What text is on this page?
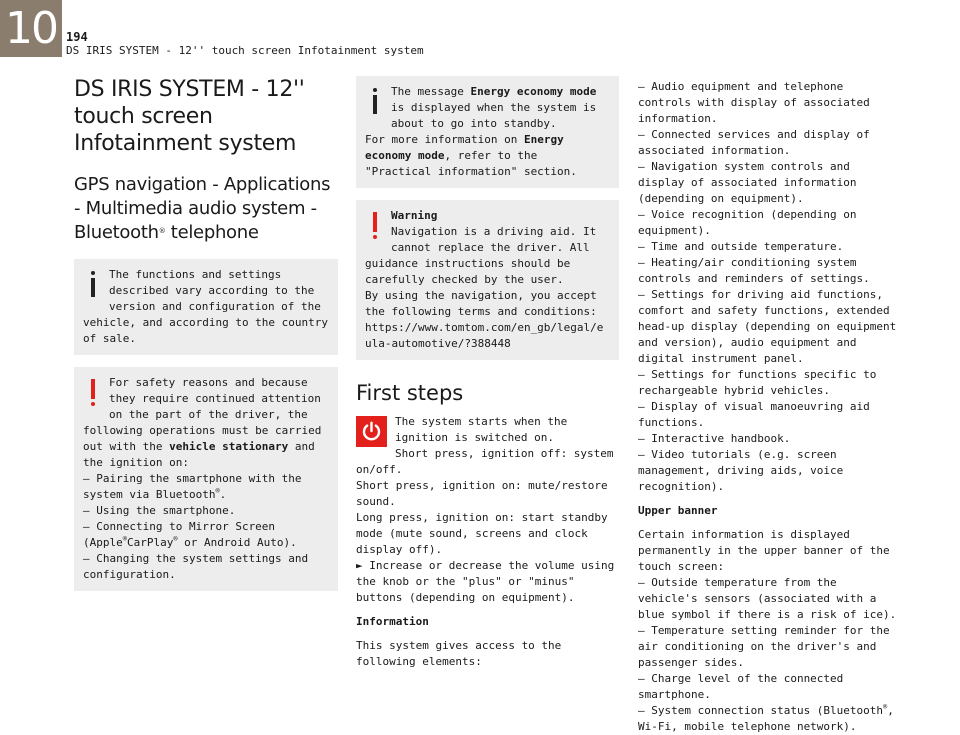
10 194
DS IRIS SYSTEM - 12'' touch screen Infotainment system
DS IRIS SYSTEM - 12'' touch screen Infotainment system
GPS navigation - Applications - Multimedia audio system - Bluetooth® telephone

The functions and settings described vary according to the version and configuration of the vehicle, and according to the country of sale.

For safety reasons and because they require continued attention on the part of the driver, the following operations must be carried out with the vehicle stationary and the ignition on:

– Pairing the smartphone with the system via Bluetooth®.

– Using the smartphone.

– Connecting to Mirror Screen (Apple®CarPlay® or Android Auto).

– Changing the system settings and configuration.

The message Energy economy mode is displayed when the system is about to go into standby.

For more information on Energy economy mode, refer to the "Practical information" section.

Warning

Navigation is a driving aid. It cannot replace the driver. All guidance instructions should be carefully checked by the user.

By using the navigation, you accept the following terms and conditions:

https://www.tomtom.com/en_gb/legal/eula-automotive/?388448

First steps

The system starts when the ignition is switched on.

Short press, ignition off: system on/off.

Short press, ignition on: mute/restore sound.

Long press, ignition on: start standby mode (mute sound, screens and clock display off).

► Increase or decrease the volume using the knob or the "plus" or "minus" buttons (depending on equipment).

Information

This system gives access to the following elements:

– Audio equipment and telephone controls with display of associated information.

– Connected services and display of associated information.

– Navigation system controls and display of associated information (depending on equipment).

– Voice recognition (depending on equipment).

– Time and outside temperature.

– Heating/air conditioning system controls and reminders of settings.

– Settings for driving aid functions, comfort and safety functions, extended head-up display (depending on equipment and version), audio equipment and digital instrument panel.

– Settings for functions specific to rechargeable hybrid vehicles.

– Display of visual manoeuvring aid functions.

– Interactive handbook.

– Video tutorials (e.g. screen management, driving aids, voice recognition).

Upper banner

Certain information is displayed permanently in the upper banner of the touch screen:

– Outside temperature from the vehicle's sensors (associated with a blue symbol if there is a risk of ice).

– Temperature setting reminder for the air conditioning on the driver's and passenger sides.

– Charge level of the connected smartphone.

– System connection status (Bluetooth®, Wi-Fi, mobile telephone network).
